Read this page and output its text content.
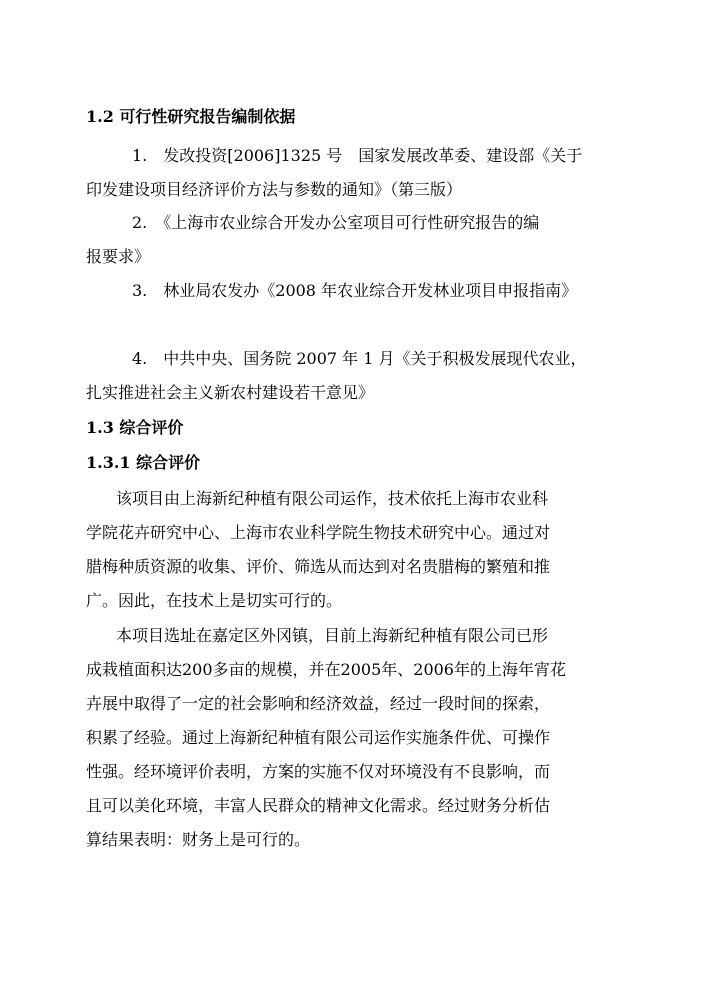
1.2 可行性研究报告编制依据
1.　发改投资[2006]1325 号　国家发展改革委、建设部《关于
印发建设项目经济评价方法与参数的通知》（第三版）
2.　《上海市农业综合开发办公室项目可行性研究报告的编
报要求》
3.　林业局农发办《2008 年农业综合开发林业项目申报指南》
4.　中共中央、国务院 2007 年 1 月《关于积极发展现代农业，
扎实推进社会主义新农村建设若干意见》
1.3 综合评价
1.3.1 综合评价
该项目由上海新纪种植有限公司运作，技术依托上海市农业科
学院花卉研究中心、上海市农业科学院生物技术研究中心。通过对
腊梅种质资源的收集、评价、筛选从而达到对名贵腊梅的繁殖和推
广。因此，在技术上是切实可行的。
本项目选址在嘉定区外冈镇，目前上海新纪种植有限公司已形
成栽植面积达200多亩的规模，并在2005年、2006年的上海年宵花
卉展中取得了一定的社会影响和经济效益，经过一段时间的探索，
积累了经验。通过上海新纪种植有限公司运作实施条件优、可操作
性强。经环境评价表明，方案的实施不仅对环境没有不良影响，而
且可以美化环境，丰富人民群众的精神文化需求。经过财务分析估
算结果表明：财务上是可行的。
